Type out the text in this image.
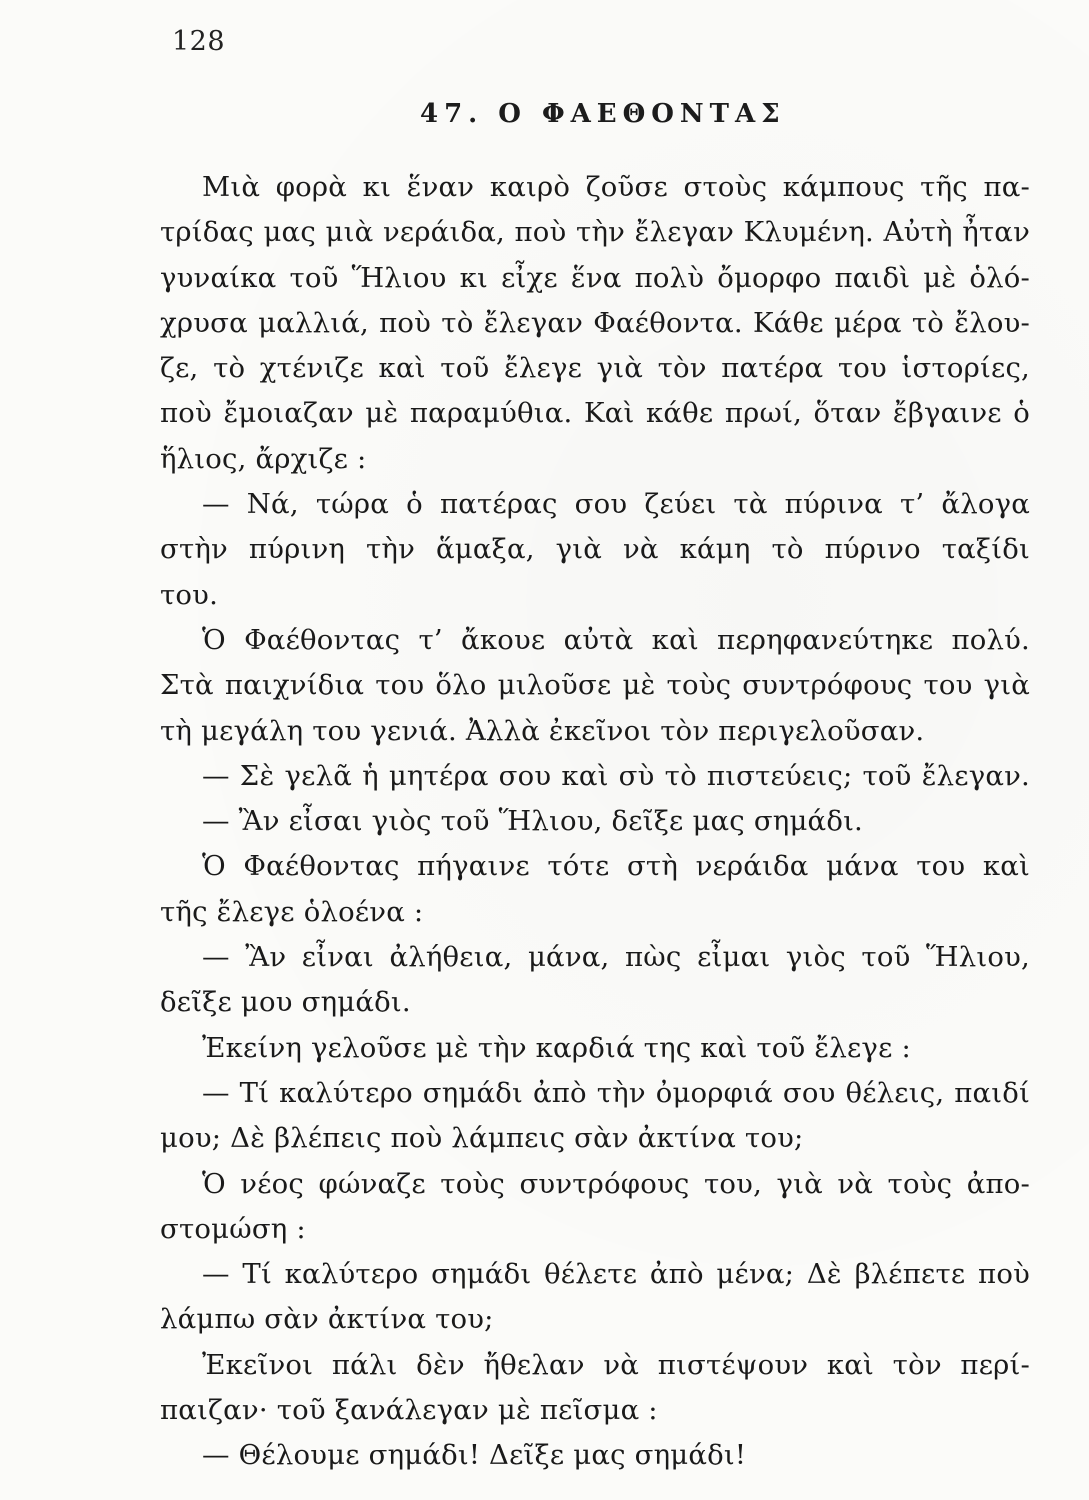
128
47. Ο ΦΑΕΘΟΝΤΑΣ
Μιὰ φορὰ κι ἕναν καιρὸ ζοῦσε στοὺς κάμπους τῆς πα-
τρίδας μας μιὰ νεράιδα, ποὺ τὴν ἔλεγαν Κλυμένη. Αὐτὴ ἦταν
γυναίκα τοῦ Ἥλιου κι εἶχε ἕνα πολὺ ὄμορφο παιδὶ μὲ ὁλό-
χρυσα μαλλιά, ποὺ τὸ ἔλεγαν Φαέθοντα. Κάθε μέρα τὸ ἔλου-
ζε, τὸ χτένιζε καὶ τοῦ ἔλεγε γιὰ τὸν πατέρα του ἱστορίες,
ποὺ ἔμοιαζαν μὲ παραμύθια. Καὶ κάθε πρωί, ὅταν ἔβγαινε ὁ
ἥλιος, ἄρχιζε :
— Νά, τώρα ὁ πατέρας σου ζεύει τὰ πύρινα τ’ ἄλογα
στὴν πύρινη τὴν ἅμαξα, γιὰ νὰ κάμη τὸ πύρινο ταξίδι
του.
Ὁ Φαέθοντας τ’ ἄκουε αὐτὰ καὶ περηφανεύτηκε πολύ.
Στὰ παιχνίδια του ὅλο μιλοῦσε μὲ τοὺς συντρόφους του γιὰ
τὴ μεγάλη του γενιά. Ἀλλὰ ἐκεῖνοι τὸν περιγελοῦσαν.
— Σὲ γελᾶ ἡ μητέρα σου καὶ σὺ τὸ πιστεύεις; τοῦ ἔλεγαν.
— Ἂν εἶσαι γιὸς τοῦ Ἥλιου, δεῖξε μας σημάδι.
Ὁ Φαέθοντας πήγαινε τότε στὴ νεράιδα μάνα του καὶ
τῆς ἔλεγε ὁλοένα :
— Ἂν εἶναι ἀλήθεια, μάνα, πὼς εἶμαι γιὸς τοῦ Ἥλιου,
δεῖξε μου σημάδι.
Ἐκείνη γελοῦσε μὲ τὴν καρδιά της καὶ τοῦ ἔλεγε :
— Τί καλύτερο σημάδι ἀπὸ τὴν ὀμορφιά σου θέλεις, παιδί
μου; Δὲ βλέπεις ποὺ λάμπεις σὰν ἀκτίνα του;
Ὁ νέος φώναζε τοὺς συντρόφους του, γιὰ νὰ τοὺς ἀπο-
στομώση :
— Τί καλύτερο σημάδι θέλετε ἀπὸ μένα; Δὲ βλέπετε ποὺ
λάμπω σὰν ἀκτίνα του;
Ἐκεῖνοι πάλι δὲν ἤθελαν νὰ πιστέψουν καὶ τὸν περί-
παιζαν· τοῦ ξανάλεγαν μὲ πεῖσμα :
— Θέλουμε σημάδι! Δεῖξε μας σημάδι!
